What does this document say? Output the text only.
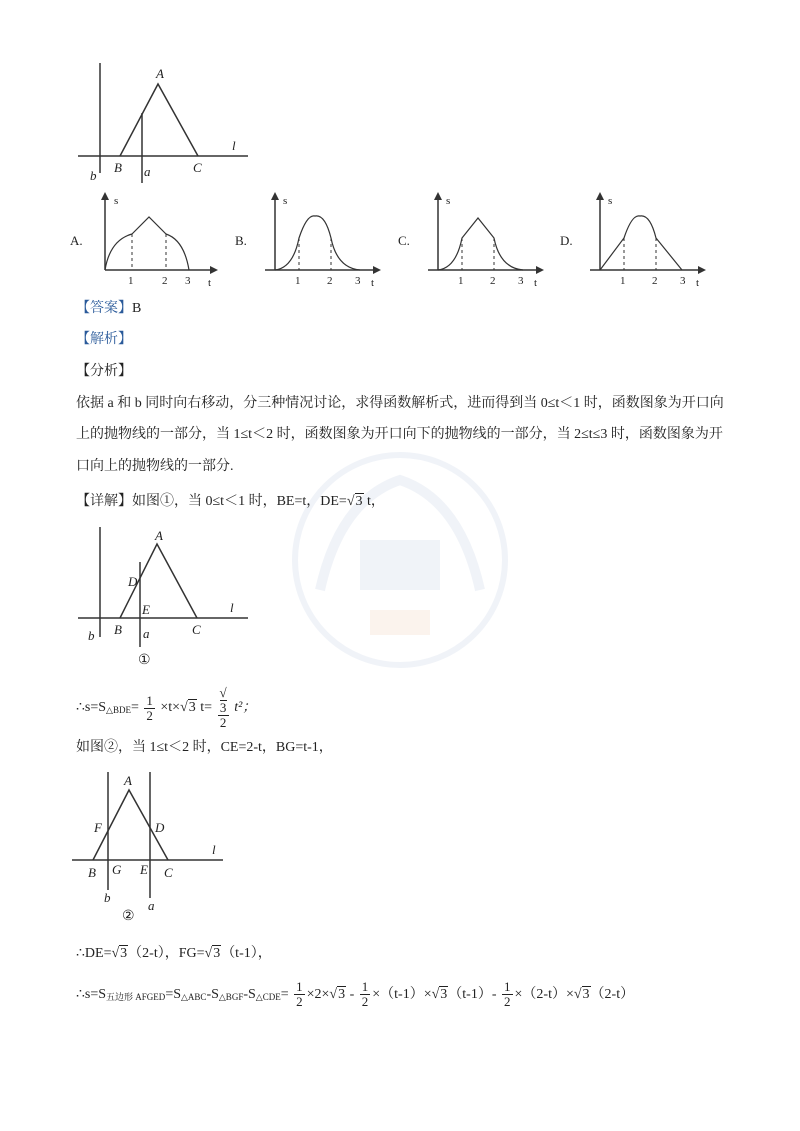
A
B	C
l
a
b
A.
s
t
1	2 3
B.
s
t
1 2 3
C.
s
t
1 2 3
D.
s
t
1 2 3
【答案】B
【解析】
【分析】
依据 a 和 b 同时向右移动，分三种情况讨论，求得函数解析式，进而得到当 0≤t＜1 时，函数图象为开口向
上的抛物线的一部分，当 1≤t＜2 时，函数图象为开口向下的抛物线的一部分，当 2≤t≤3 时，函数图象为开
口向上的抛物线的一部分.
【详解】如图①，当 0≤t＜1 时，BE=t，DE=√3 t，
A
D
E
B	C
l
a
b
①
$\therefore s=S_{\triangle BDE}= \frac{1}{2} \times t\times√3$ t= √
3
2 t²；
如图②，当 1≤t＜2 时，CE=2-t，BG=t-1，
A
F	D
B G E C
l
b
a
②
∴DE=√3（2-t），FG=√3（t-1），
$\therefore s=S_{五边形 AFGED}=S_{\triangle ABC}-S_{\triangle BGF}-S_{\triangle CDE}= \frac{1}{2} \times 2\times√3 - \frac{1}{2} \times(t-1)\times√3(t-1)- \frac{1}{2} \times(2-t)\times√3(2-t)$
